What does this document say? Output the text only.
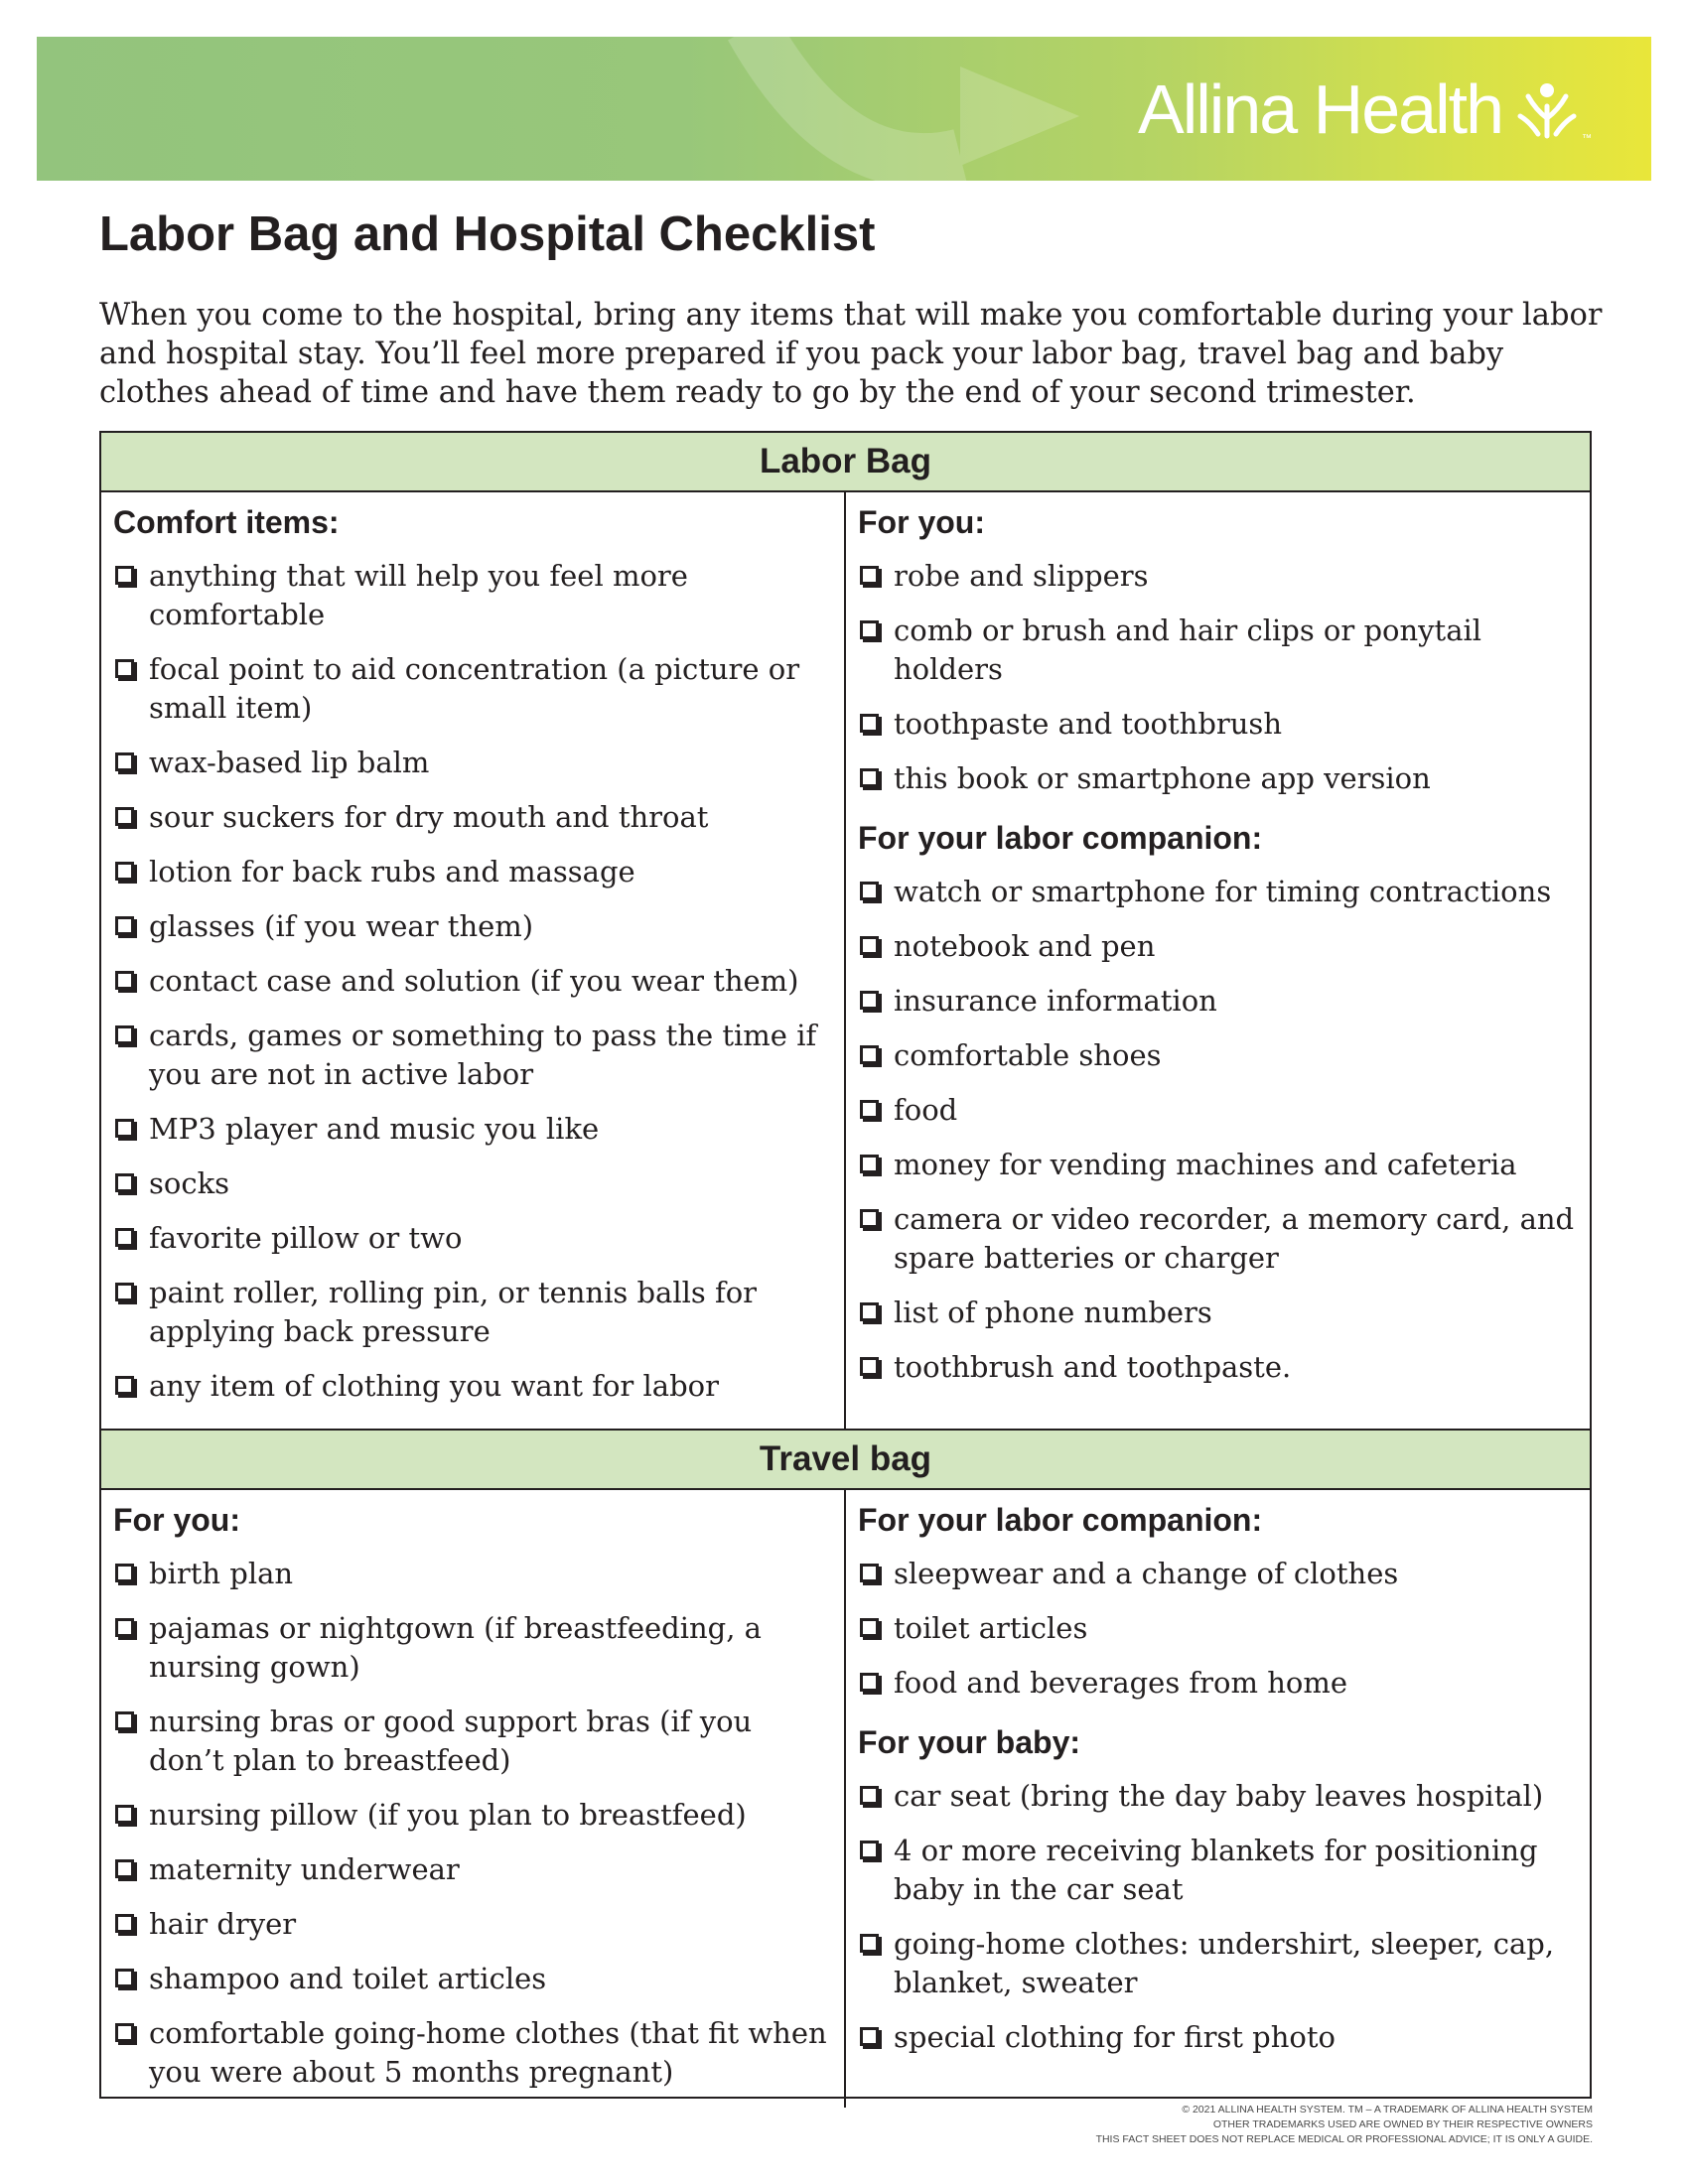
Allina Health	™
Labor Bag and Hospital Checklist

When you come to the hospital, bring any items that will make you comfortable during your labor and hospital stay. You’ll feel more prepared if you pack your labor bag, travel bag and baby clothes ahead of time and have them ready to go by the end of your second trimester.

Labor Bag
Comfort items:
anything that will help you feel more comfortable
focal point to aid concentration (a picture or small item)
wax-based lip balm
sour suckers for dry mouth and throat
lotion for back rubs and massage
glasses (if you wear them)
contact case and solution (if you wear them)
cards, games or something to pass the time if you are not in active labor
MP3 player and music you like
socks
favorite pillow or two
paint roller, rolling pin, or tennis balls for applying back pressure
any item of clothing you want for labor
For you:
robe and slippers
comb or brush and hair clips or ponytail holders
toothpaste and toothbrush
this book or smartphone app version
For your labor companion:
watch or smartphone for timing contractions
notebook and pen
insurance information
comfortable shoes
food
money for vending machines and cafeteria
camera or video recorder, a memory card, and spare batteries or charger
list of phone numbers
toothbrush and toothpaste.
Travel bag
For you:
birth plan
pajamas or nightgown (if breastfeeding, a nursing gown)
nursing bras or good support bras (if you don’t plan to breastfeed)
nursing pillow (if you plan to breastfeed)
maternity underwear
hair dryer
shampoo and toilet articles
comfortable going-home clothes (that fit when you were about 5 months pregnant)
For your labor companion:
sleepwear and a change of clothes
toilet articles
food and beverages from home
For your baby:
car seat (bring the day baby leaves hospital)
4 or more receiving blankets for positioning baby in the car seat
going-home clothes: undershirt, sleeper, cap, blanket, sweater
special clothing for first photo
© 2021 ALLINA HEALTH SYSTEM. TM – A TRADEMARK OF ALLINA HEALTH SYSTEM
OTHER TRADEMARKS USED ARE OWNED BY THEIR RESPECTIVE OWNERS
THIS FACT SHEET DOES NOT REPLACE MEDICAL OR PROFESSIONAL ADVICE; IT IS ONLY A GUIDE.
